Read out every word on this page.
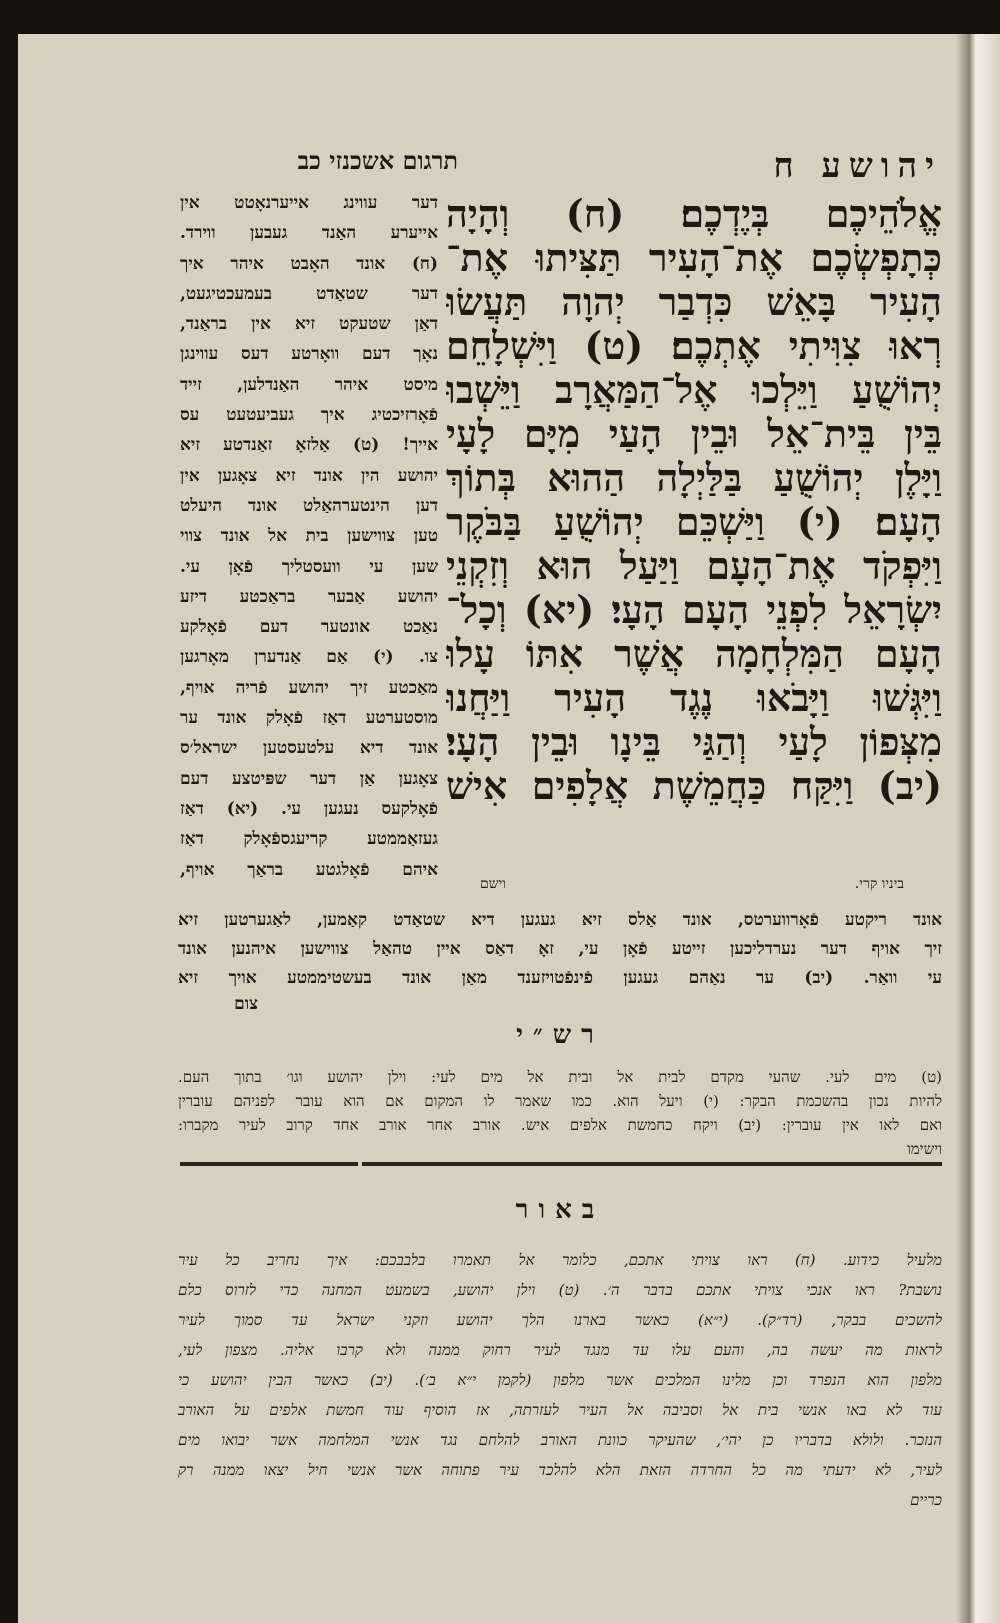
יהושע ח
תרגום אשכנזי כב
אֱלֹהֵיכֶם בְּיֶדְכֶם׃ (ח) וְהָיָה
כְּתָפְשְׂכֶם אֶת־הָעִיר תַּצִּיתוּ אֶת־
הָעִיר בָּאֵשׁ כִּדְבַר יְהוָה תַּעֲשׂוּ
רְאוּ צִוִּיתִי אֶתְכֶם׃ (ט) וַיִּשְׁלָחֵם
יְהוֹשֻׁעַ וַיֵּלְכוּ אֶל־הַמַּאֲרָב וַיֵּשְׁבוּ
בֵּין בֵּית־אֵל וּבֵין הָעַי מִיָּם לָעָי
וַיָּלֶן יְהוֹשֻׁעַ בַּלַּיְלָה הַהוּא בְּתוֹךְ
הָעָם׃ (י) וַיַּשְׁכֵּם יְהוֹשֻׁעַ בַּבֹּקֶר
וַיִּפְקֹד אֶת־הָעָם וַיַּעַל הוּא וְזִקְנֵי
יִשְׂרָאֵל לִפְנֵי הָעָם הָעָי׃ (יא) וְכָל־
הָעָם הַמִּלְחָמָה אֲשֶׁר אִתּוֹ עָלוּ
וַיִּגְּשׁוּ וַיָּבֹאוּ נֶגֶד הָעִיר וַיַּחֲנוּ
מִצְּפוֹן לָעַי וְהַגַּי בֵּינָו וּבֵין הָעָי׃
(יב) וַיִּקַּח כַּחֲמֵשֶׁת אֲלָפִים אִישׁ
דער עווינג אייערנאָטט אין
אייערע האַנד געבען ווירד.
(ח) אונד האָבט איהר איך
דער שטאַדט בעמעכטיגעט,
דאַן שטעקט זיא אין בראַנד,
נאָך דעם וואָרטע דעס עווינגן
מיסט איהר האַנדלען, זייד
פֿאָרזיכטיג איך געביעטעט עס
אייך! (ט) אַלזאָ זאַנדטע זיא
יהושע הין אונד זיא צאָגען אין
דען הינטערהאַלט אונד היעלט
טען צווישען בית אל אונד צווי
שען עי וועסטליך פֿאָן עי.
יהושע אַבער בראַכטע דיזע
נאַכט אונטער דעם פֿאָלקע
צו. (י) אַם אַנדערן מאָרגען
מאַכטע זיך יהושע פֿריה אויף,
מוסטערטע דאַז פֿאָלק אונד ער
אונד דיא עלטעסטען ישראל׳ס
צאָגען אַן דער שפּיטצע דעם
פֿאָלקעס נעגען עי. (יא) דאַז
געזאַממטע קריעגספֿאָלק דאַז
איהם פֿאָלגטע בראַך אויף,
ביניו קרי.
וישם
אונד ריקטע פֿאָרווערטס, אונד אַלס זיא געגען דיא שטאַדט קאַמען, לאַגערטען זיא
זיך אויף דער נערדליכען זייטע פֿאָן עי, זאָ דאַס איין טהאַל צווישען איהנען אונד
עי וואַר. (יב) ער נאַהם געגען פֿינפֿטויזענד מאַן אונד בעשטיממטע אויך זיא
צום
רש״י
(ט) מים לעי. שהעי מקדם לבית אל ובית אל מים לעי: וילן יהושע וגו׳ בתוך העם.
להיות נכון בהשכמת הבקר: (י) ויעל הוא. כמו שאמר לו המקום אם הוא עובר לפניהם עוברין
ואם לאו אין עוברין: (יב) ויקח כחמשת אלפים איש. אורב אחר אורב אחד קרוב לעיר מקברו:
וישימו
באור
מלעיל כידוע. (ח) ראו צויתי אתכם, כלומר אל תאמרו בלבבכם: איך נחריב כל עיר
נושבת? ראו אנכי צויתי אתכם בדבר ה׳. (ט) וילן יהושע, בשמעט המחנה כדי לזרוס כלם
להשכים בבקר, (רד״ק). (י״א) כאשר בארנו הלך יהושע וזקני ישראל עד סמוך לעיר
לראות מה יעשה בה, והעם עלו עד מנגד לעיר רחוק ממנה ולא קרבו אליה. מצפון לעי,
מלפון הוא הנפרד וכן מלינו המלכים אשר מלפון (לקמן י״א ב׳). (יב) כאשר הבין יהושע כי
עוד לא באו אנשי בית אל וסביבה אל העיר לעזרתה, אז הוסיף עוד חמשת אלפים על האורב
הנזכר. ולולא בדבריו כן יהי׳, שהעיקר כוונת האורב להלחם נגד אנשי המלחמה אשר יבואו מים
לעיר, לא ידעתי מה כל החרדה הזאת הלא להלכד עיר פתוחה אשר אנשי חיל יצאו ממנה רק
כריים
